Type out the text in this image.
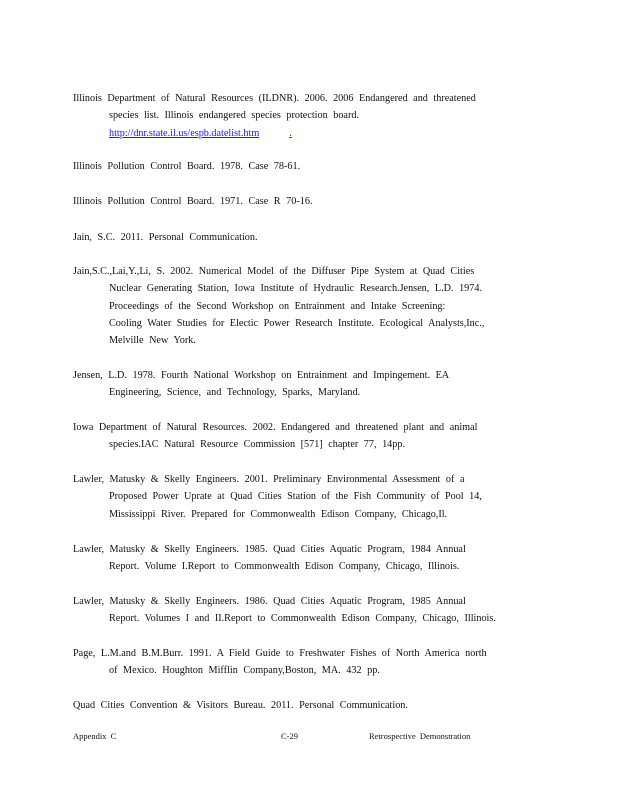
Illinois Department of Natural Resources (ILDNR). 2006. 2006 Endangered and threatened
species list. Illinois endangered species protection board.
http://dnr.state.il.us/espb.datelist.htm	.
Illinois Pollution Control Board. 1978. Case 78-61.
Illinois Pollution Control Board. 1971. Case R 70-16.
Jain, S.C. 2011. Personal Communication.
Jain,S.C.,Lai,Y.,Li, S. 2002. Numerical Model of the Diffuser Pipe System at Quad Cities
Nuclear Generating Station, Iowa Institute of Hydraulic Research.Jensen, L.D. 1974.
Proceedings of the Second Workshop on Entrainment and Intake Screening:
Cooling Water Studies for Electic Power Research Institute. Ecological Analysts,Inc.,
Melville New York.
Jensen, L.D. 1978. Fourth National Workshop on Entrainment and Impingement. EA
Engineering, Science, and Technology, Sparks, Maryland.
Iowa Department of Natural Resources. 2002. Endangered and threatened plant and animal
species.IAC Natural Resource Commission [571] chapter 77, 14pp.
Lawler, Matusky & Skelly Engineers. 2001. Preliminary Environmental Assessment of a
Proposed Power Uprate at Quad Cities Station of the Fish Community of Pool 14,
Mississippi River. Prepared for Commonwealth Edison Company, Chicago,Il.
Lawler, Matusky & Skelly Engineers. 1985. Quad Cities Aquatic Program, 1984 Annual
Report. Volume I.Report to Commonwealth Edison Company, Chicago, Illinois.
Lawler, Matusky & Skelly Engineers. 1986. Quad Cities Aquatic Program, 1985 Annual
Report. Volumes I and II.Report to Commonwealth Edison Company, Chicago, Illinois.
Page, L.M.and B.M.Burr. 1991. A Field Guide to Freshwater Fishes of North America north
of Mexico. Houghton Mifflin Company,Boston, MA. 432 pp.
Quad Cities Convention & Visitors Bureau. 2011. Personal Communication.
Appendix C	C-29	Retrospective Demonstration
